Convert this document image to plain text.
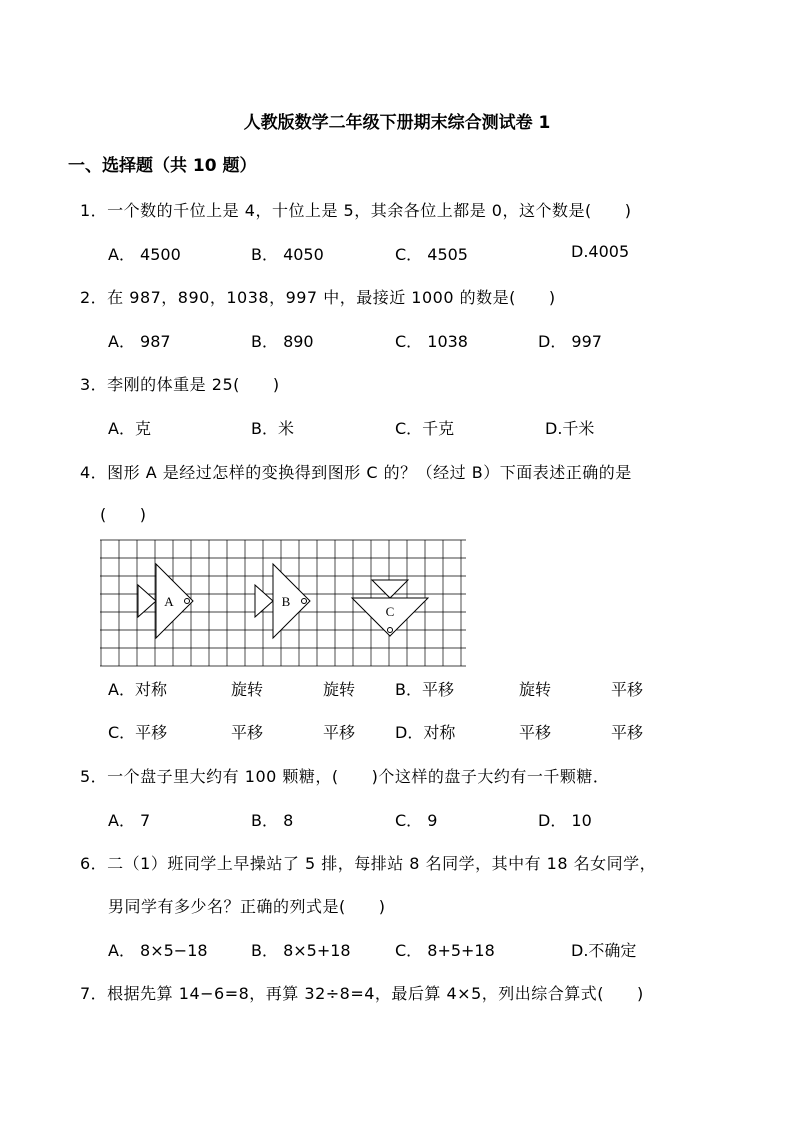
人教版数学二年级下册期末综合测试卷 1
一、选择题（共 10 题）
1．一个数的千位上是 4，十位上是 5，其余各位上都是 0，这个数是(　　)
A． 4500	B． 4050	C． 4505	D.4005
2．在 987，890，1038，997 中，最接近 1000 的数是(　　)
A． 987	B． 890	C． 1038	D． 997
3．李刚的体重是 25(　　)
A．克	B．米	C．千克	D.千米
4．图形 A 是经过怎样的变换得到图形 C 的？（经过 B）下面表述正确的是
(　　)
A	B
C
A．对称	旋转	旋转 B．平移	旋转	平移
C．平移	平移	平移 D．对称	平移	平移
5．一个盘子里大约有 100 颗糖，(　　)个这样的盘子大约有一千颗糖．
A． 7	B． 8	C． 9	D． 10
6．二（1）班同学上早操站了 5 排，每排站 8 名同学，其中有 18 名女同学，
男同学有多少名？正确的列式是(　　)
A． 8×5−18	B． 8×5+18	C． 8+5+18	D.不确定
7．根据先算 14−6=8，再算 32÷8=4，最后算 4×5，列出综合算式(　　)
